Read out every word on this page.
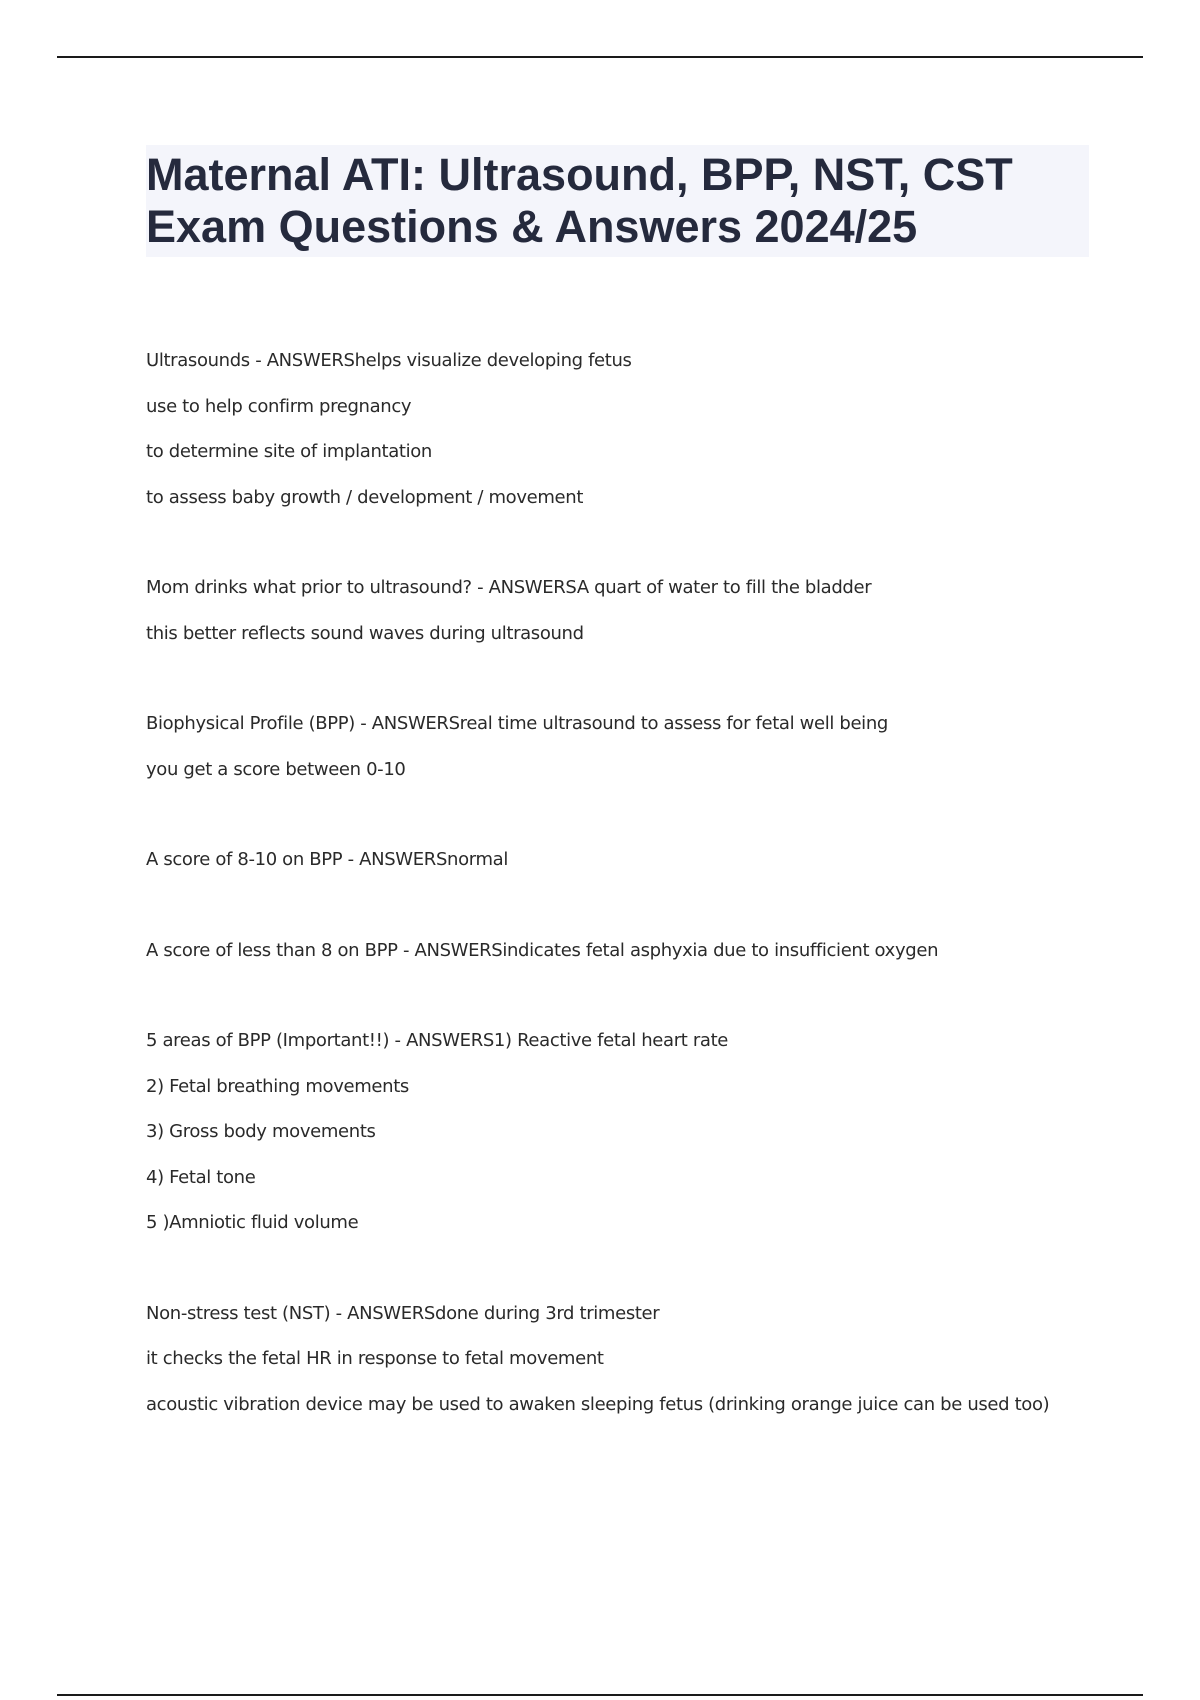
Maternal ATI: Ultrasound, BPP, NST, CST
Exam Questions & Answers 2024/25
Ultrasounds - ANSWERShelps visualize developing fetus
use to help confirm pregnancy
to determine site of implantation
to assess baby growth / development / movement
Mom drinks what prior to ultrasound? - ANSWERSA quart of water to fill the bladder
this better reflects sound waves during ultrasound
Biophysical Profile (BPP) - ANSWERSreal time ultrasound to assess for fetal well being
you get a score between 0-10
A score of 8-10 on BPP - ANSWERSnormal
A score of less than 8 on BPP - ANSWERSindicates fetal asphyxia due to insufficient oxygen
5 areas of BPP (Important!!) - ANSWERS1) Reactive fetal heart rate
2) Fetal breathing movements
3) Gross body movements
4) Fetal tone
5 )Amniotic fluid volume
Non-stress test (NST) - ANSWERSdone during 3rd trimester
it checks the fetal HR in response to fetal movement
acoustic vibration device may be used to awaken sleeping fetus (drinking orange juice can be used too)
